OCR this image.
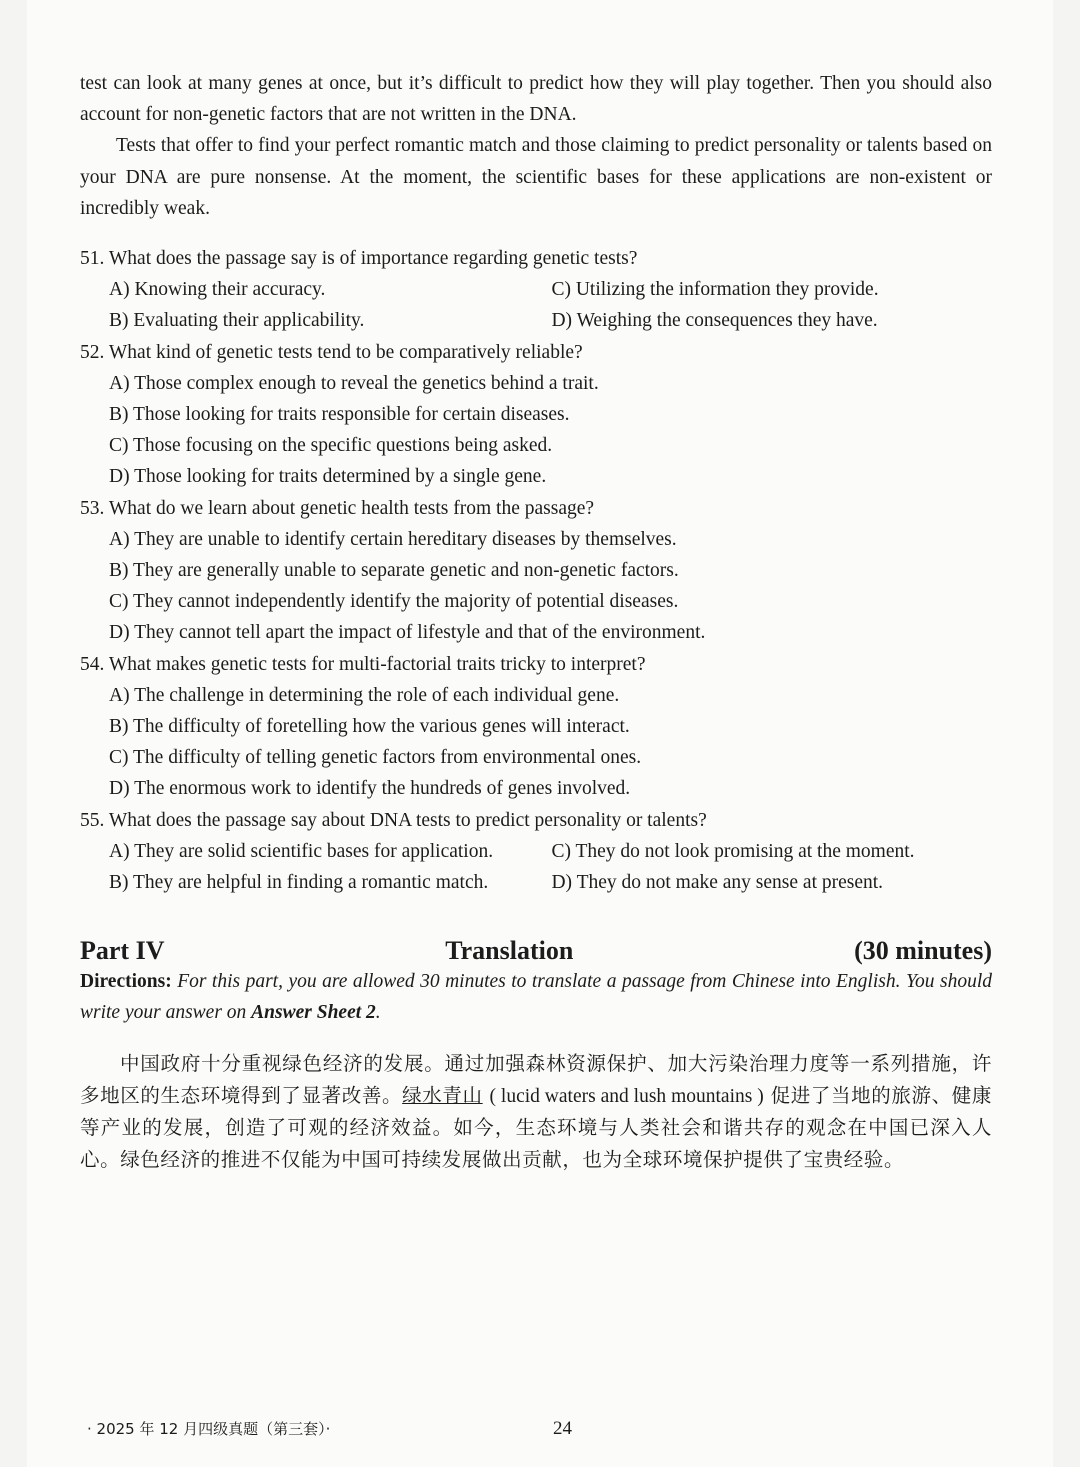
test can look at many genes at once, but it’s difficult to predict how they will play together. Then you should also account for non-genetic factors that are not written in the DNA.

Tests that offer to find your perfect romantic match and those claiming to predict personality or talents based on your DNA are pure nonsense. At the moment, the scientific bases for these applications are non-existent or incredibly weak.

51. What does the passage say is of importance regarding genetic tests?

A) Knowing their accuracy.	C) Utilizing the information they provide.

B) Evaluating their applicability.	D) Weighing the consequences they have.

52. What kind of genetic tests tend to be comparatively reliable?

A) Those complex enough to reveal the genetics behind a trait.

B) Those looking for traits responsible for certain diseases.

C) Those focusing on the specific questions being asked.

D) Those looking for traits determined by a single gene.

53. What do we learn about genetic health tests from the passage?

A) They are unable to identify certain hereditary diseases by themselves.

B) They are generally unable to separate genetic and non-genetic factors.

C) They cannot independently identify the majority of potential diseases.

D) They cannot tell apart the impact of lifestyle and that of the environment.

54. What makes genetic tests for multi-factorial traits tricky to interpret?

A) The challenge in determining the role of each individual gene.

B) The difficulty of foretelling how the various genes will interact.

C) The difficulty of telling genetic factors from environmental ones.

D) The enormous work to identify the hundreds of genes involved.

55. What does the passage say about DNA tests to predict personality or talents?

A) They are solid scientific bases for application.	C) They do not look promising at the moment.

B) They are helpful in finding a romantic match.	D) They do not make any sense at present.

Part IV	Translation	(30 minutes)

Directions: For this part, you are allowed 30 minutes to translate a passage from Chinese into English. You should write your answer on Answer Sheet 2.

中国政府十分重视绿色经济的发展。通过加强森林资源保护、加大污染治理力度等一系列措施，许多地区的生态环境得到了显著改善。绿水青山 ( lucid waters and lush mountains ) 促进了当地的旅游、健康等产业的发展，创造了可观的经济效益。如今，生态环境与人类社会和谐共存的观念在中国已深入人心。绿色经济的推进不仅能为中国可持续发展做出贡献，也为全球环境保护提供了宝贵经验。

· 2025 年 12 月四级真题（第三套）·	24
